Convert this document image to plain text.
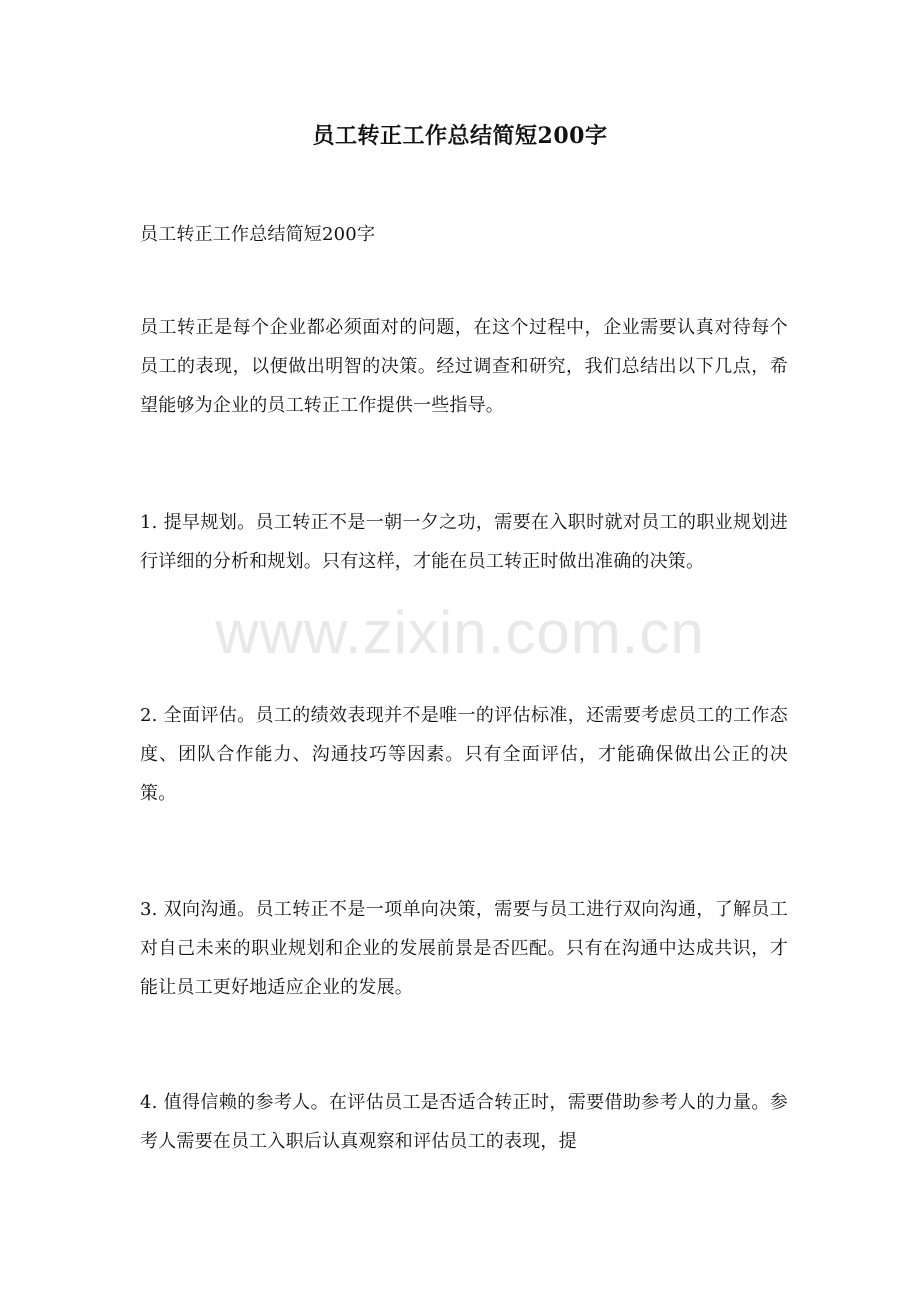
员工转正工作总结简短200字
员工转正工作总结简短200字
员工转正是每个企业都必须面对的问题，在这个过程中，企业需要认真对待每个员工的表现，以便做出明智的决策。经过调查和研究，我们总结出以下几点，希望能够为企业的员工转正工作提供一些指导。
1. 提早规划。员工转正不是一朝一夕之功，需要在入职时就对员工的职业规划进行详细的分析和规划。只有这样，才能在员工转正时做出准确的决策。
2. 全面评估。员工的绩效表现并不是唯一的评估标准，还需要考虑员工的工作态度、团队合作能力、沟通技巧等因素。只有全面评估，才能确保做出公正的决策。
3. 双向沟通。员工转正不是一项单向决策，需要与员工进行双向沟通，了解员工对自己未来的职业规划和企业的发展前景是否匹配。只有在沟通中达成共识，才能让员工更好地适应企业的发展。
4. 值得信赖的参考人。在评估员工是否适合转正时，需要借助参考人的力量。参考人需要在员工入职后认真观察和评估员工的表现，提
www.zixin.com.cn
